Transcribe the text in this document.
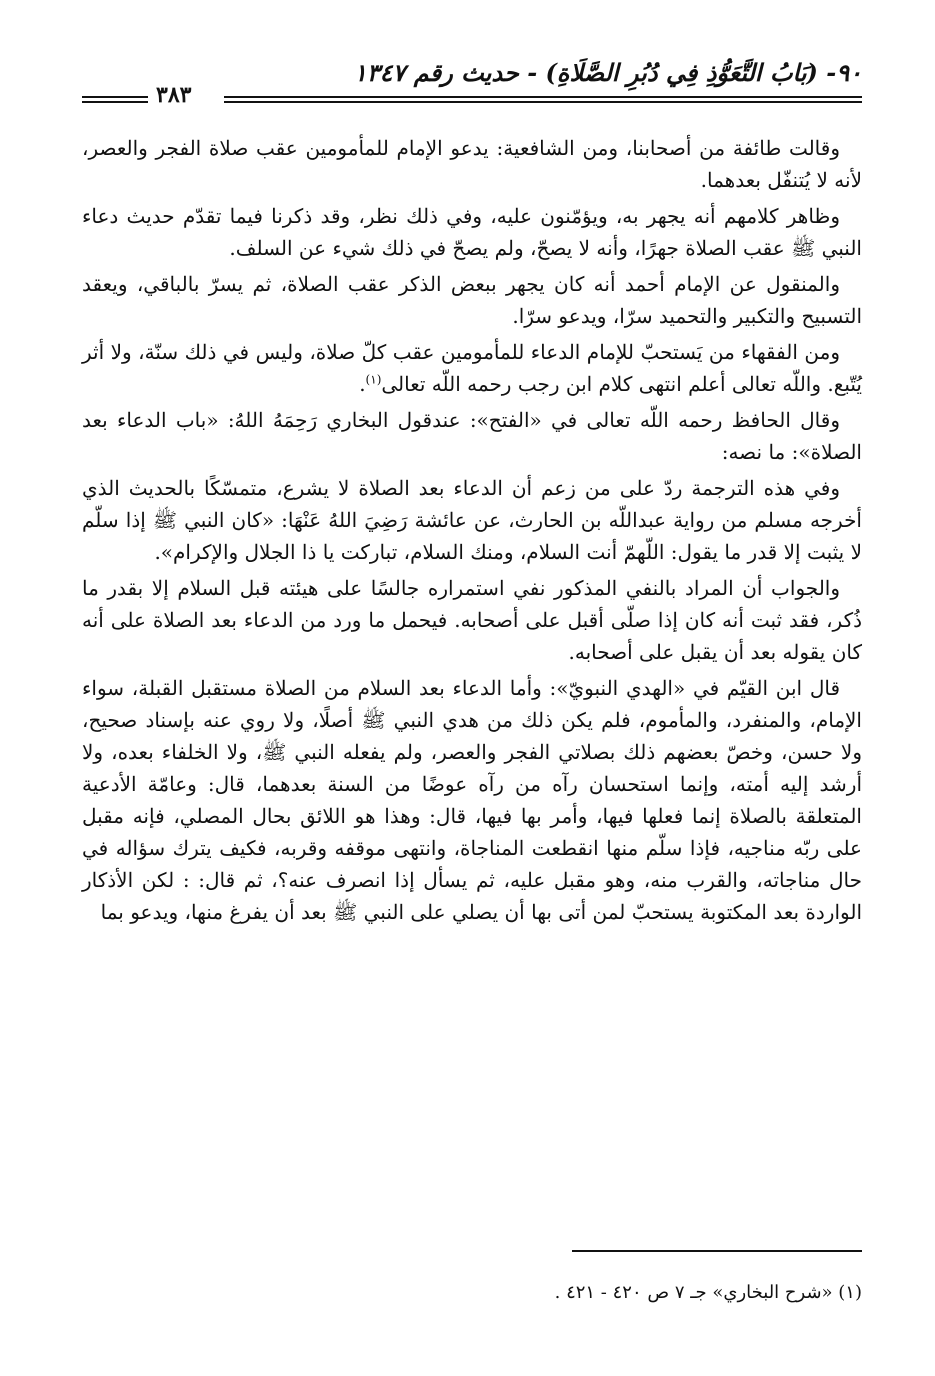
٩٠- (بَابُ التَّعَوُّذِ فِي دُبُرِ الصَّلَاةِ) - حديث رقم ١٣٤٧
٣٨٣

وقالت طائفة من أصحابنا، ومن الشافعية: يدعو الإمام للمأمومين عقب صلاة الفجر والعصر، لأنه لا يُتنفّل بعدهما.

وظاهر كلامهم أنه يجهر به، ويؤمّنون عليه، وفي ذلك نظر، وقد ذكرنا فيما تقدّم حديث دعاء النبي ﷺ عقب الصلاة جهرًا، وأنه لا يصحّ، ولم يصحّ في ذلك شيء عن السلف.

والمنقول عن الإمام أحمد أنه كان يجهر ببعض الذكر عقب الصلاة، ثم يسرّ بالباقي، ويعقد التسبيح والتكبير والتحميد سرّا، ويدعو سرّا.

ومن الفقهاء من يَستحبّ للإمام الدعاء للمأمومين عقب كلّ صلاة، وليس في ذلك سنّة، ولا أثر يُتّبع. واللّه تعالى أعلم انتهى كلام ابن رجب رحمه اللّه تعالى$^{(١)}$.

وقال الحافظ رحمه اللّه تعالى في «الفتح»: عندقول البخاري رَحِمَهُ اللهُ: «باب الدعاء بعد الصلاة»: ما نصه:

وفي هذه الترجمة ردّ على من زعم أن الدعاء بعد الصلاة لا يشرع، متمسّكًا بالحديث الذي أخرجه مسلم من رواية عبداللّه بن الحارث، عن عائشة رَضِيَ اللهُ عَنْهَا: «كان النبي ﷺ إذا سلّم لا يثبت إلا قدر ما يقول: اللّهمّ أنت السلام، ومنك السلام، تباركت يا ذا الجلال والإكرام».

والجواب أن المراد بالنفي المذكور نفي استمراره جالسًا على هيئته قبل السلام إلا بقدر ما ذُكر، فقد ثبت أنه كان إذا صلّى أقبل على أصحابه. فيحمل ما ورد من الدعاء بعد الصلاة على أنه كان يقوله بعد أن يقبل على أصحابه.

قال ابن القيّم في «الهدي النبويّ»: وأما الدعاء بعد السلام من الصلاة مستقبل القبلة، سواء الإمام، والمنفرد، والمأموم، فلم يكن ذلك من هدي النبي ﷺ أصلًا، ولا روي عنه بإسناد صحيح، ولا حسن، وخصّ بعضهم ذلك بصلاتي الفجر والعصر، ولم يفعله النبي ﷺ، ولا الخلفاء بعده، ولا أرشد إليه أمته، وإنما استحسان رآه من رآه عوضًا من السنة بعدهما، قال: وعامّة الأدعية المتعلقة بالصلاة إنما فعلها فيها، وأمر بها فيها، قال: وهذا هو اللائق بحال المصلي، فإنه مقبل على ربّه مناجيه، فإذا سلّم منها انقطعت المناجاة، وانتهى موقفه وقربه، فكيف يترك سؤاله في حال مناجاته، والقرب منه، وهو مقبل عليه، ثم يسأل إذا انصرف عنه؟، ثم قال: : لكن الأذكار الواردة بعد المكتوبة يستحبّ لمن أتى بها أن يصلي على النبي ﷺ بعد أن يفرغ منها، ويدعو بما

(١) «شرح البخاري» جـ ٧ ص ٤٢٠ - ٤٢١ .
